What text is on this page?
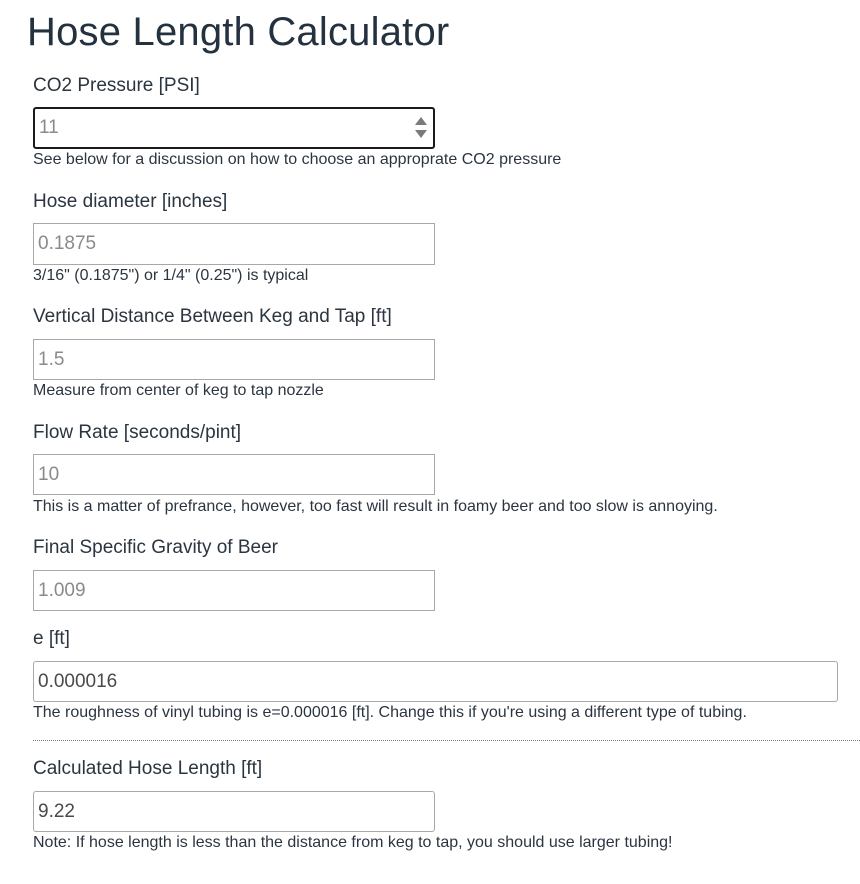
Hose Length Calculator
CO2 Pressure [PSI]
11
See below for a discussion on how to choose an approprate CO2 pressure
Hose diameter [inches]
0.1875
3/16" (0.1875") or 1/4" (0.25") is typical
Vertical Distance Between Keg and Tap [ft]
1.5
Measure from center of keg to tap nozzle
Flow Rate [seconds/pint]
10
This is a matter of prefrance, however, too fast will result in foamy beer and too slow is annoying.
Final Specific Gravity of Beer
1.009
e [ft]
0.000016
The roughness of vinyl tubing is e=0.000016 [ft]. Change this if you're using a different type of tubing.
Calculated Hose Length [ft]
9.22
Note: If hose length is less than the distance from keg to tap, you should use larger tubing!
